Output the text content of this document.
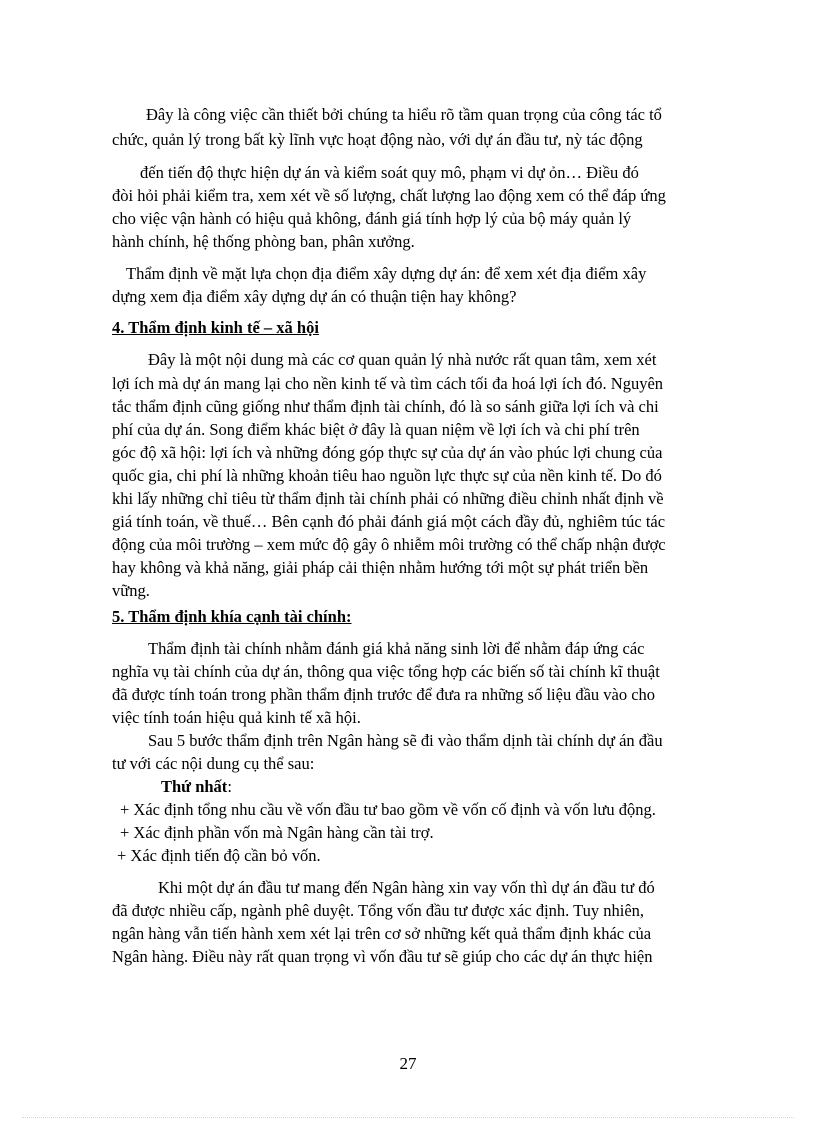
Đây là công việc cần thiết bởi chúng ta hiểu rõ tầm quan trọng của công tác tổ

chức, quản lý trong bất kỳ lĩnh vực hoạt động nào, với dự án đầu tư, nỳ tác động

đến tiến độ thực hiện dự án và kiểm soát quy mô, phạm vi dự ỏn… Điều đó

đòi hỏi phải kiểm tra, xem xét về số lượng, chất lượng lao động xem có thể đáp ứng

cho việc vận hành có hiệu quả không, đánh giá tính hợp lý của bộ máy quản lý

hành chính, hệ thống phòng ban, phân xưởng.

Thẩm định về mặt lựa chọn địa điểm xây dựng dự án: để xem xét địa điểm xây

dựng xem địa điểm xây dựng dự án có thuận tiện hay không?

4. Thẩm định kinh tế – xã hội

Đây là một nội dung mà các cơ quan quản lý nhà nước rất quan tâm, xem xét

lợi ích mà dự án mang lại cho nền kinh tế và tìm cách tối đa hoá lợi ích đó. Nguyên

tắc thẩm định cũng giống như thẩm định tài chính, đó là so sánh giữa lợi ích và chi

phí của dự án. Song điểm khác biệt ở đây là quan niệm về lợi ích và chi phí trên

góc độ xã hội: lợi ích và những đóng góp thực sự của dự án vào phúc lợi chung của

quốc gia, chi phí là những khoản tiêu hao nguồn lực thực sự của nền kinh tế. Do đó

khi lấy những chỉ tiêu từ thẩm định tài chính phải có những điều chỉnh nhất định về

giá tính toán, về thuế… Bên cạnh đó phải đánh giá một cách đầy đủ, nghiêm túc tác

động của môi trường – xem mức độ gây ô nhiễm môi trường có thể chấp nhận được

hay không và khả năng, giải pháp cải thiện nhằm hướng tới một sự phát triển bền

vững.

5. Thẩm định khía cạnh tài chính:

Thẩm định tài chính nhằm đánh giá khả năng sinh lời để nhằm đáp ứng các

nghĩa vụ tài chính của dự án, thông qua việc tổng hợp các biến số tài chính kĩ thuật

đã được tính toán trong phần thẩm định trước để đưa ra những số liệu đầu vào cho

việc tính toán hiệu quả kinh tế xã hội.

Sau 5 bước thẩm định trên Ngân hàng sẽ đi vào thẩm dịnh tài chính dự án đầu

tư với các nội dung cụ thể sau:

Thứ nhất:

+ Xác định tổng nhu cầu về vốn đầu tư bao gồm về vốn cố định và vốn lưu động.

+ Xác định phần vốn mà Ngân hàng cần tài trợ.

+ Xác định tiến độ cần bỏ vốn.

Khi một dự án đầu tư mang đến Ngân hàng xin vay vốn thì dự án đầu tư đó

đã được nhiều cấp, ngành phê duyệt. Tổng vốn đầu tư được xác định. Tuy nhiên,

ngân hàng vẫn tiến hành xem xét lại trên cơ sở những kết quả thẩm định khác của

Ngân hàng. Điều này rất quan trọng vì vốn đầu tư sẽ giúp cho các dự án thực hiện

27
